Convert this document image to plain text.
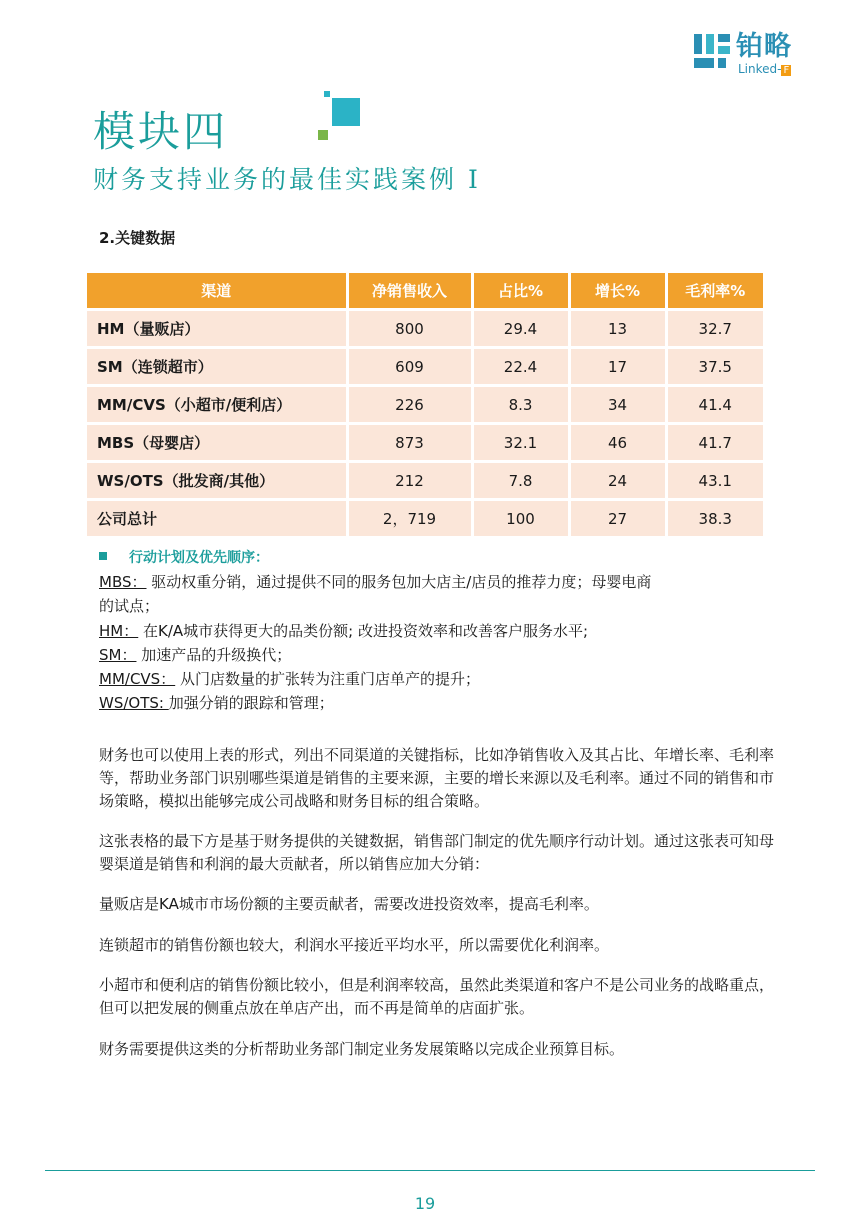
铂略
Linked- F
模块四
财务支持业务的最佳实践案例 I
2.关键数据
渠道	净销售收入	占比%	增长%	毛利率%
HM（量贩店）	800	29.4	13	32.7
SM（连锁超市）	609	22.4	17	37.5
MM/CVS（小超市/便利店）	226	8.3	34	41.4
MBS（母婴店）	873	32.1	46	41.7
WS/OTS（批发商/其他）	212	7.8	24	43.1
公司总计	2，719	100	27	38.3
行动计划及优先顺序：
MBS： 驱动权重分销，通过提供不同的服务包加大店主/店员的推荐力度；母婴电商
的试点；
HM： 在K/A城市获得更大的品类份额; 改进投资效率和改善客户服务水平;
SM： 加速产品的升级换代；
MM/CVS： 从门店数量的扩张转为注重门店单产的提升；
WS/OTS: 加强分销的跟踪和管理；
财务也可以使用上表的形式，列出不同渠道的关键指标，比如净销售收入及其占比、年增长率、毛利率等，帮助业务部门识别哪些渠道是销售的主要来源，主要的增长来源以及毛利率。通过不同的销售和市场策略，模拟出能够完成公司战略和财务目标的组合策略。
这张表格的最下方是基于财务提供的关键数据，销售部门制定的优先顺序行动计划。通过这张表可知母婴渠道是销售和利润的最大贡献者，所以销售应加大分销：
量贩店是KA城市市场份额的主要贡献者，需要改进投资效率，提高毛利率。
连锁超市的销售份额也较大，利润水平接近平均水平，所以需要优化利润率。
小超市和便利店的销售份额比较小，但是利润率较高，虽然此类渠道和客户不是公司业务的战略重点，但可以把发展的侧重点放在单店产出，而不再是简单的店面扩张。
财务需要提供这类的分析帮助业务部门制定业务发展策略以完成企业预算目标。
19
